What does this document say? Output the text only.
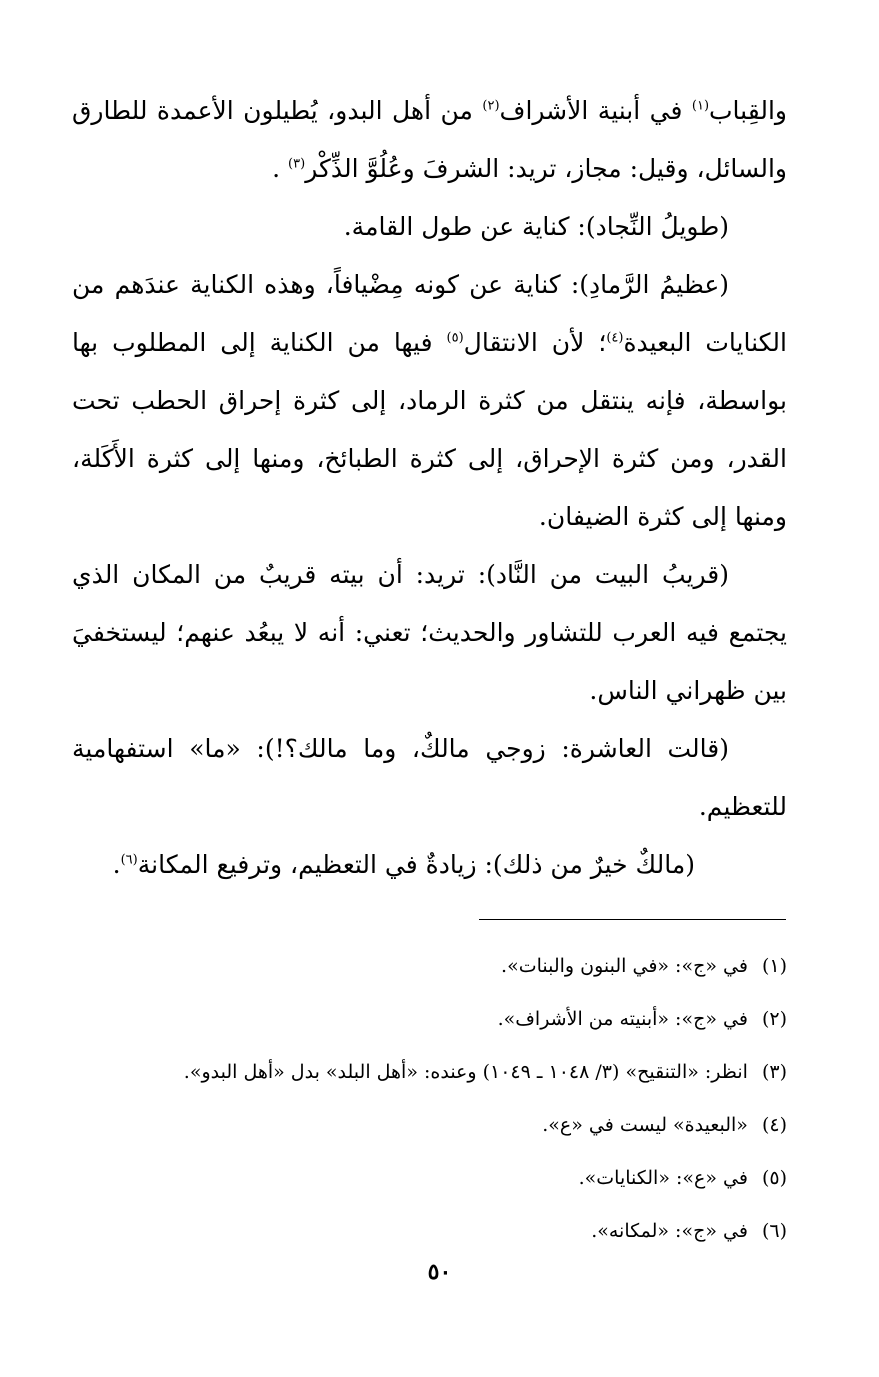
والقِباب$^{(١)}$ في أبنية الأشراف$^{(٢)}$ من أهل البدو، يُطيلون الأعمدة للطارق والسائل، وقيل: مجاز، تريد: الشرفَ وعُلُوَّ الذِّكْر$^{(٣)}$ .

(طويلُ النِّجاد): كناية عن طول القامة.

(عظيمُ الرَّمادِ): كناية عن كونه مِضْيافاً، وهذه الكناية عندَهم من الكنايات البعيدة$^{(٤)}$؛ لأن الانتقال$^{(٥)}$ فيها من الكناية إلى المطلوب بها بواسطة، فإنه ينتقل من كثرة الرماد، إلى كثرة إحراق الحطب تحت القدر، ومن كثرة الإحراق، إلى كثرة الطبائخ، ومنها إلى كثرة الأَكَلة، ومنها إلى كثرة الضيفان.

(قريبُ البيت من النَّاد): تريد: أن بيته قريبٌ من المكان الذي يجتمع فيه العرب للتشاور والحديث؛ تعني: أنه لا يبعُد عنهم؛ ليستخفيَ بين ظهراني الناس.

(قالت العاشرة: زوجي مالكٌ، وما مالك؟!): «ما» استفهامية للتعظيم.

(مالكٌ خيرٌ من ذلك): زيادةٌ في التعظيم، وترفيع المكانة$^{(٦)}$.

(١)في «ج»: «في البنون والبنات».
(٢)في «ج»: «أبنيته من الأشراف».
(٣)انظر: «التنقيح» (٣/ ١٠٤٨ ـ ١٠٤٩) وعنده: «أهل البلد» بدل «أهل البدو».
(٤)«البعيدة» ليست في «ع».
(٥)في «ع»: «الكنايات».
(٦)في «ج»: «لمكانه».
٥٠
